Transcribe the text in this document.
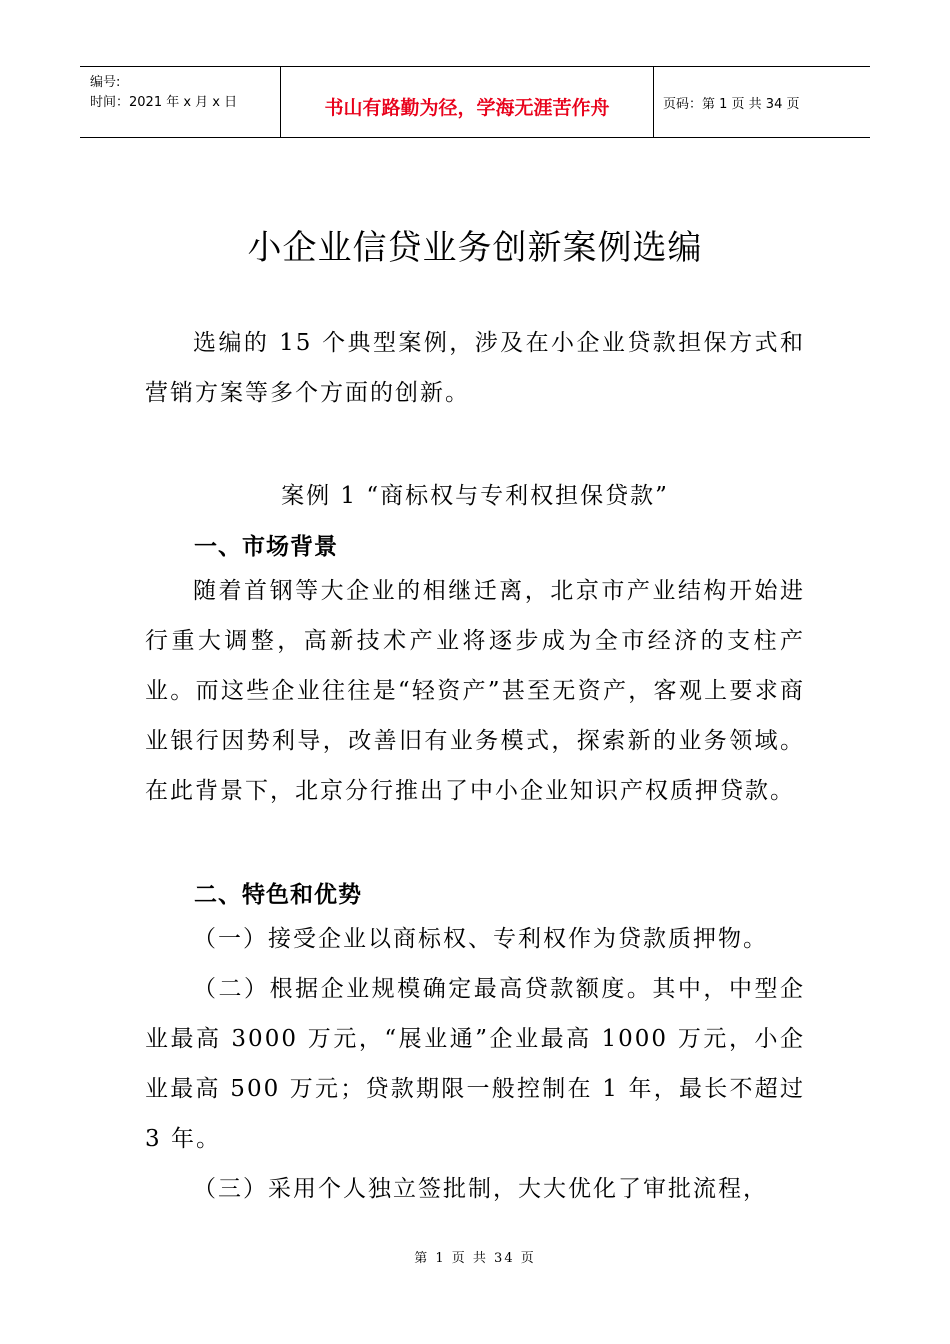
编号:
时间：2021 年 x 月 x 日	书山有路勤为径，学海无涯苦作舟	页码：第 1 页 共 34 页
小企业信贷业务创新案例选编
选编的 15 个典型案例，涉及在小企业贷款担保方式和营销方案等多个方面的创新。
案例 1 “商标权与专利权担保贷款”
一、市场背景
随着首钢等大企业的相继迁离，北京市产业结构开始进行重大调整，高新技术产业将逐步成为全市经济的支柱产业。而这些企业往往是“轻资产”甚至无资产，客观上要求商业银行因势利导，改善旧有业务模式，探索新的业务领域。在此背景下，北京分行推出了中小企业知识产权质押贷款。
二、特色和优势
（一）接受企业以商标权、专利权作为贷款质押物。
（二）根据企业规模确定最高贷款额度。其中，中型企业最高 3000 万元，“展业通”企业最高 1000 万元，小企业最高 500 万元；贷款期限一般控制在 1 年，最长不超过 3 年。
（三）采用个人独立签批制，大大优化了审批流程，
第 1 页 共 34 页
